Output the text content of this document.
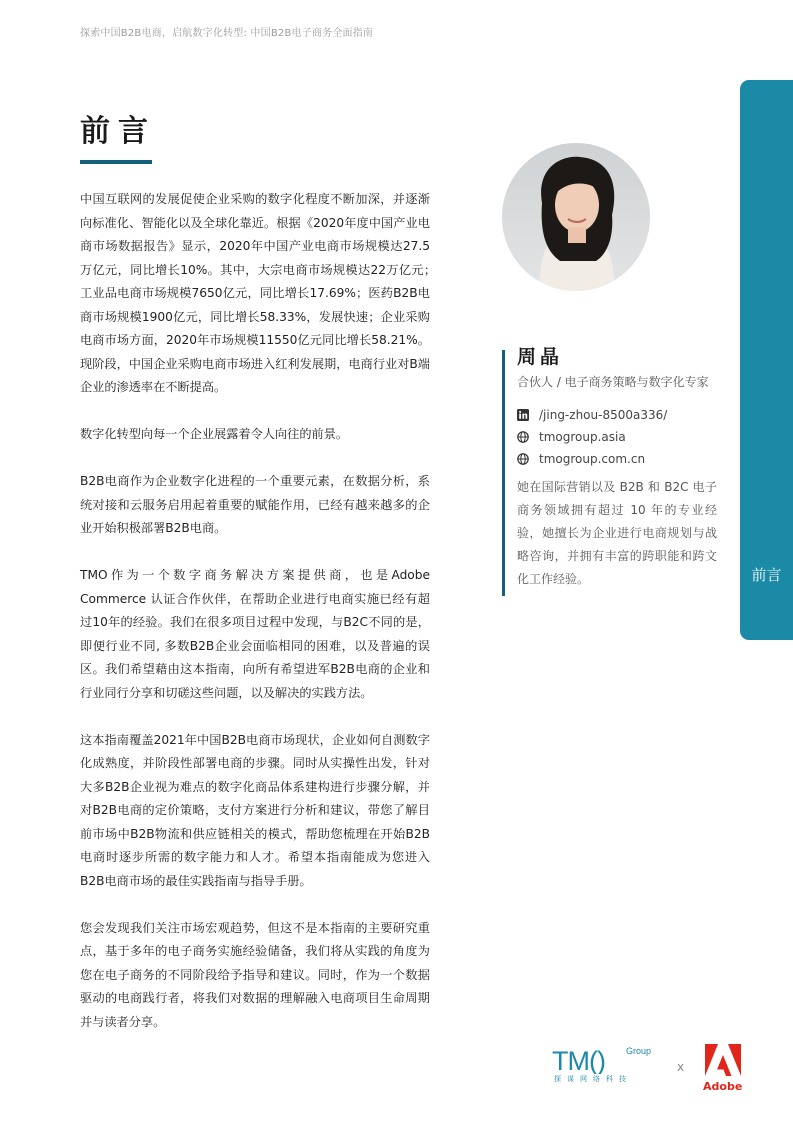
探索中国B2B电商，启航数字化转型: 中国B2B电子商务全面指南
前言

中国互联网的发展促使企业采购的数字化程度不断加深，并逐渐向标准化、智能化以及全球化靠近。根据《2020年度中国产业电商市场数据报告》显示，2020年中国产业电商市场规模达27.5万亿元，同比增长10%。其中，大宗电商市场规模达22万亿元；　工业品电商市场规模7650亿元，同比增长17.69%；医药B2B电商市场规模1900亿元，同比增长58.33%，发展快速；企业采购电商市场方面，2020年市场规模11550亿元同比增长58.21%。现阶段，中国企业采购电商市场进入红利发展期，电商行业对B端企业的渗透率在不断提高。

数字化转型向每一个企业展露着令人向往的前景。

B2B电商作为企业数字化进程的一个重要元素，在数据分析，系统对接和云服务启用起着重要的赋能作用，已经有越来越多的企业开始积极部署B2B电商。

TMO作为一个数字商务解决方案提供商，也是Adobe Commerce 认证合作伙伴，在帮助企业进行电商实施已经有超过10年的经验。我们在很多项目过程中发现，与B2C不同的是，即便行业不同, 多数B2B企业会面临相同的困难，以及普遍的误区。我们希望藉由这本指南，向所有希望进军B2B电商的企业和行业同行分享和切磋这些问题，以及解决的实践方法。

这本指南覆盖2021年中国B2B电商市场现状，企业如何自测数字化成熟度，并阶段性部署电商的步骤。同时从实操性出发，针对大多B2B企业视为难点的数字化商品体系建构进行步骤分解，并对B2B电商的定价策略，支付方案进行分析和建议，带您了解目前市场中B2B物流和供应链相关的模式，帮助您梳理在开始B2B电商时逐步所需的数字能力和人才。希望本指南能成为您进入B2B电商市场的最佳实践指南与指导手册。

您会发现我们关注市场宏观趋势，但这不是本指南的主要研究重点，基于多年的电子商务实施经验储备，我们将从实践的角度为您在电子商务的不同阶段给予指导和建议。同时，作为一个数据驱动的电商践行者，将我们对数据的理解融入电商项目生命周期并与读者分享。

周晶
合伙人 / 电子商务策略与数字化专家
/jing-zhou-8500a336/
tmogroup.asia
tmogroup.com.cn
她在国际营销以及 B2B 和 B2C 电子商务领域拥有超过 10 年的专业经验，她擅长为企业进行电商规划与战略咨询，并拥有丰富的跨职能和跨文化工作经验。	前言
TM() Group
探谋网络科技
x
Adobe
